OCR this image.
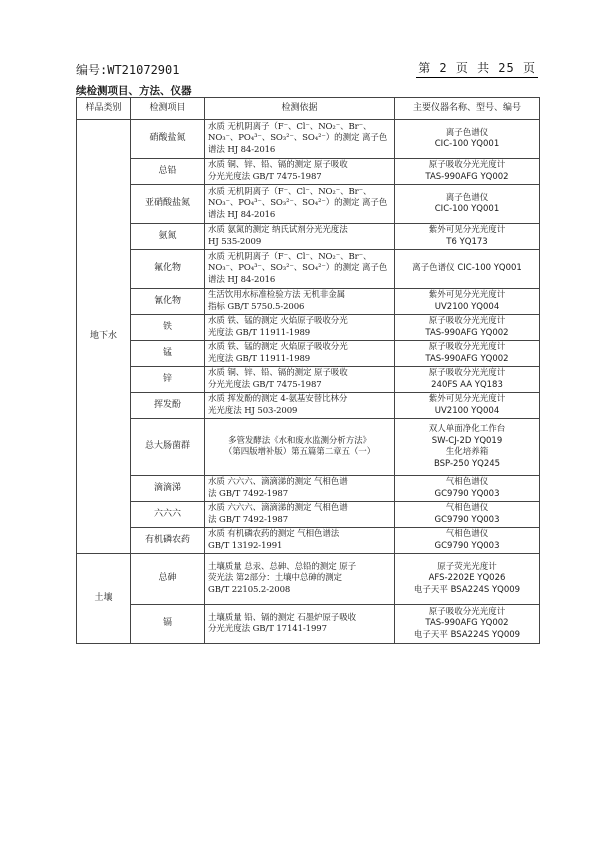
编号:WT21072901	第 2 页 共 25 页
续检测项目、方法、仪器
样品类别	检测项目	检测依据	主要仪器名称、型号、编号
地下水	硝酸盐氮	水质 无机阴离子（F⁻、Cl⁻、NO₂⁻、Br⁻、
NO₃⁻、PO₄³⁻、SO₃²⁻、SO₄²⁻）的测定 离子色
谱法 HJ 84-2016	离子色谱仪
CIC-100 YQ001
	总铅	水质 铜、锌、铅、镉的测定 原子吸收
分光光度法 GB/T 7475-1987	原子吸收分光光度计
TAS-990AFG YQ002
	亚硝酸盐氮	水质 无机阴离子（F⁻、Cl⁻、NO₂⁻、Br⁻、
NO₃⁻、PO₄³⁻、SO₃²⁻、SO₄²⁻）的测定 离子色
谱法 HJ 84-2016	离子色谱仪
CIC-100 YQ001
	氨氮	水质 氨氮的测定 纳氏试剂分光光度法
HJ 535-2009	紫外可见分光光度计
T6 YQ173
	氟化物	水质 无机阴离子（F⁻、Cl⁻、NO₂⁻、Br⁻、
NO₃⁻、PO₄³⁻、SO₃²⁻、SO₄²⁻）的测定 离子色
谱法 HJ 84-2016	离子色谱仪 CIC-100 YQ001
	氰化物	生活饮用水标准检验方法 无机非金属
指标 GB/T 5750.5-2006	紫外可见分光光度计
UV2100 YQ004
	铁	水质 铁、锰的测定 火焰原子吸收分光
光度法 GB/T 11911-1989	原子吸收分光光度计
TAS-990AFG YQ002
	锰	水质 铁、锰的测定 火焰原子吸收分光
光度法 GB/T 11911-1989	原子吸收分光光度计
TAS-990AFG YQ002
	锌	水质 铜、锌、铅、镉的测定 原子吸收
分光光度法 GB/T 7475-1987	原子吸收分光光度计
240FS AA YQ183
	挥发酚	水质 挥发酚的测定 4-氨基安替比林分
光光度法 HJ 503-2009	紫外可见分光光度计
UV2100 YQ004
	总大肠菌群	多管发酵法《水和废水监测分析方法》
（第四版增补版）第五篇第二章五（一）	双人单面净化工作台
SW-CJ-2D YQ019
生化培养箱
BSP-250 YQ245
	滴滴涕	水质 六六六、滴滴涕的测定 气相色谱
法 GB/T 7492-1987	气相色谱仪
GC9790 YQ003
	六六六	水质 六六六、滴滴涕的测定 气相色谱
法 GB/T 7492-1987	气相色谱仪
GC9790 YQ003
	有机磷农药	水质 有机磷农药的测定 气相色谱法
GB/T 13192-1991	气相色谱仪
GC9790 YQ003
土壤	总砷	土壤质量 总汞、总砷、总铅的测定 原子
荧光法 第2部分：土壤中总砷的测定
GB/T 22105.2-2008	原子荧光光度计
AFS-2202E YQ026
电子天平 BSA224S YQ009
	镉	土壤质量 铅、镉的测定 石墨炉原子吸收
分光光度法 GB/T 17141-1997	原子吸收分光光度计
TAS-990AFG YQ002
电子天平 BSA224S YQ009
